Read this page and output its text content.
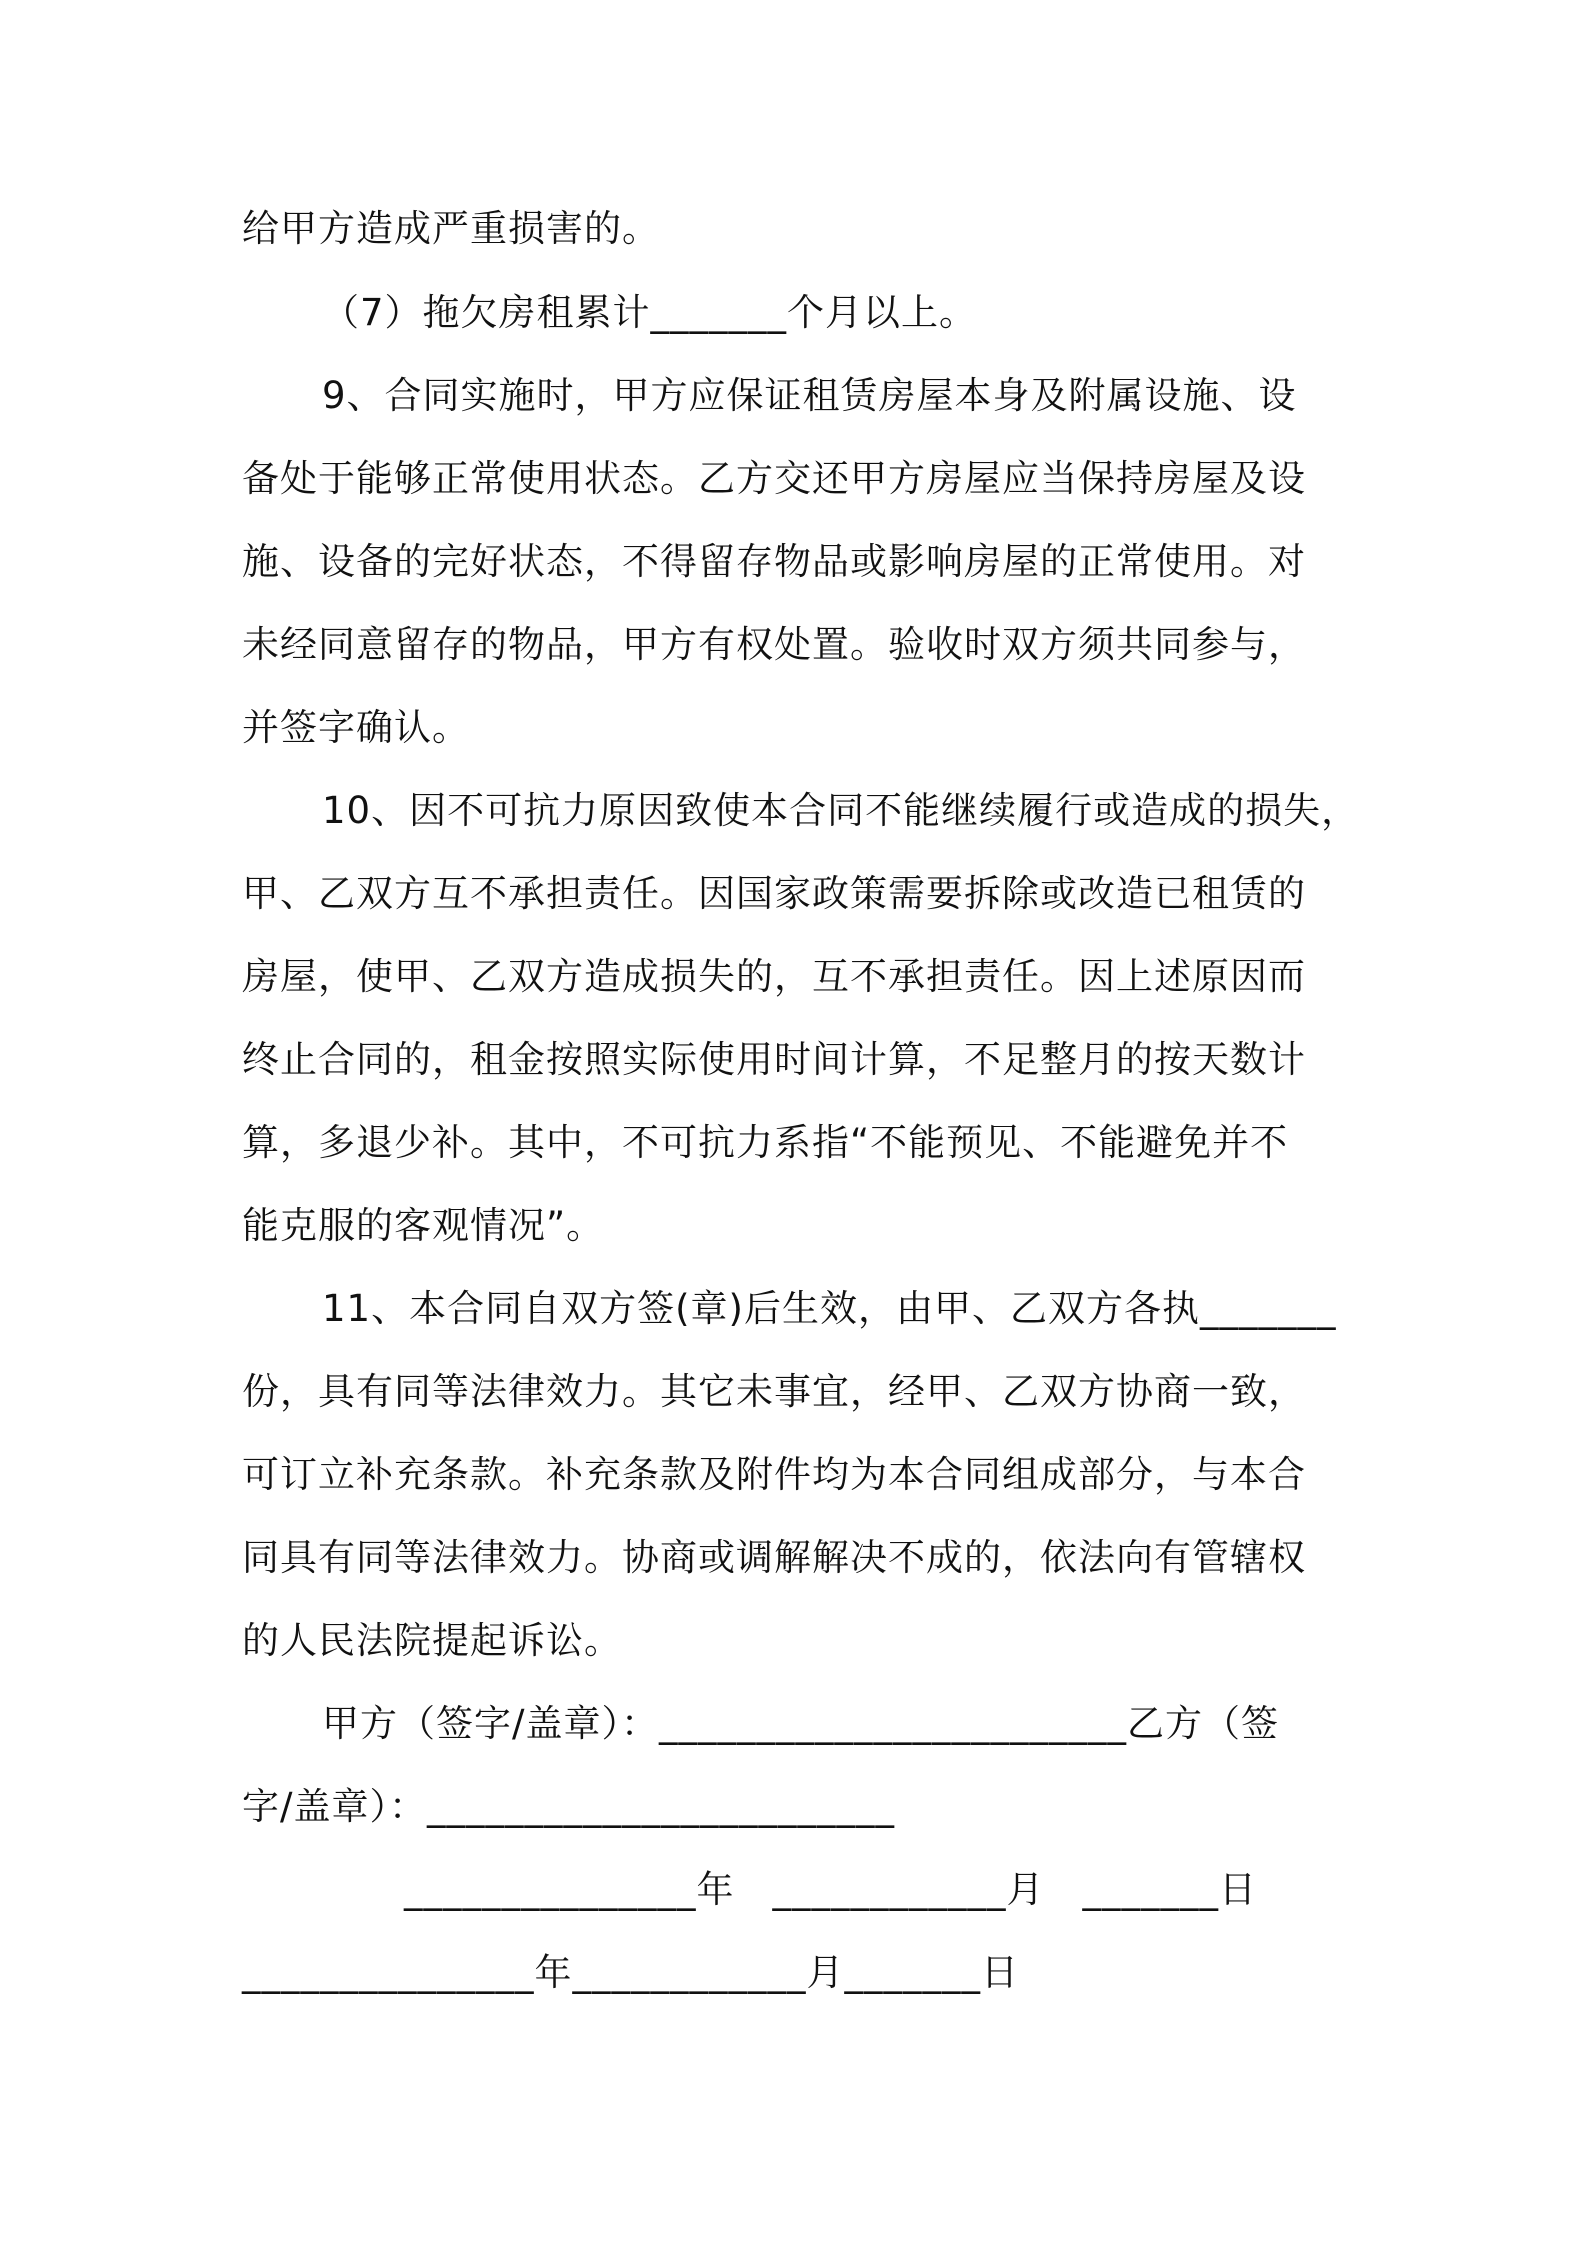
给甲方造成严重损害的。
（7）拖欠房租累计_______个月以上。
9、合同实施时，甲方应保证租赁房屋本身及附属设施、设
备处于能够正常使用状态。乙方交还甲方房屋应当保持房屋及设
施、设备的完好状态，不得留存物品或影响房屋的正常使用。对
未经同意留存的物品，甲方有权处置。验收时双方须共同参与，
并签字确认。
10、因不可抗力原因致使本合同不能继续履行或造成的损失，
甲、乙双方互不承担责任。因国家政策需要拆除或改造已租赁的
房屋，使甲、乙双方造成损失的，互不承担责任。因上述原因而
终止合同的，租金按照实际使用时间计算，不足整月的按天数计
算，多退少补。其中，不可抗力系指“不能预见、不能避免并不
能克服的客观情况”。
11、本合同自双方签(章)后生效，由甲、乙双方各执_______
份，具有同等法律效力。其它未事宜，经甲、乙双方协商一致，
可订立补充条款。补充条款及附件均为本合同组成部分，与本合
同具有同等法律效力。协商或调解解决不成的，依法向有管辖权
的人民法院提起诉讼。
甲方（签字/盖章）：________________________乙方（签
字/盖章）：________________________
_______________年　____________月　_______日
_______________年____________月_______日
